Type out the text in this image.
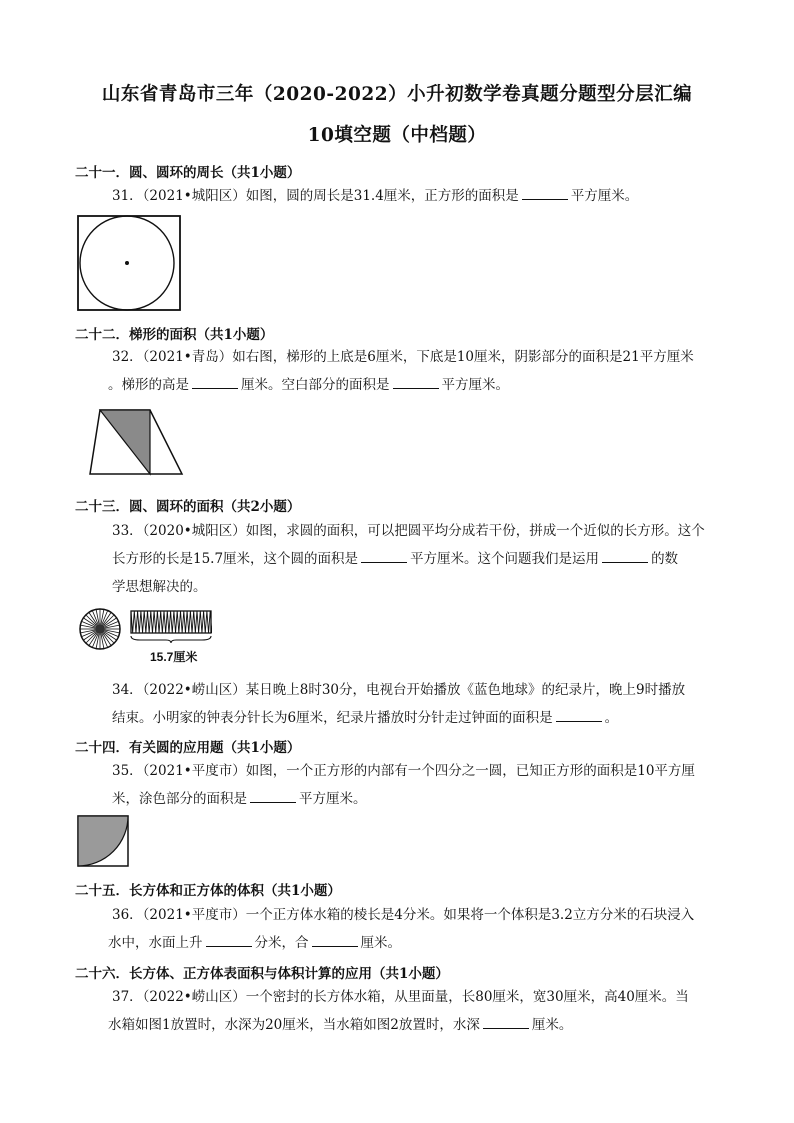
山东省青岛市三年（2020-2022）小升初数学卷真题分题型分层汇编
10填空题（中档题）
二十一．圆、圆环的周长（共1小题）
31．（2021•城阳区）如图，圆的周长是31.4厘米，正方形的面积是	平方厘米。
二十二．梯形的面积（共1小题）
32．（2021•青岛）如右图，梯形的上底是6厘米，下底是10厘米，阴影部分的面积是21平方厘米
。梯形的高是	厘米。空白部分的面积是	平方厘米。
二十三．圆、圆环的面积（共2小题）
33．（2020•城阳区）如图，求圆的面积，可以把圆平均分成若干份，拼成一个近似的长方形。这个
长方形的长是15.7厘米，这个圆的面积是	平方厘米。这个问题我们是运用	的数
学思想解决的。
15.7厘米
34．（2022•崂山区）某日晚上8时30分，电视台开始播放《蓝色地球》的纪录片，晚上9时播放
结束。小明家的钟表分针长为6厘米，纪录片播放时分针走过钟面的面积是	。
二十四．有关圆的应用题（共1小题）
35．（2021•平度市）如图，一个正方形的内部有一个四分之一圆，已知正方形的面积是10平方厘
米，涂色部分的面积是	平方厘米。
二十五．长方体和正方体的体积（共1小题）
36．（2021•平度市）一个正方体水箱的棱长是4分米。如果将一个体积是3.2立方分米的石块浸入
水中，水面上升	分米，合	厘米。
二十六．长方体、正方体表面积与体积计算的应用（共1小题）
37．（2022•崂山区）一个密封的长方体水箱，从里面量，长80厘米，宽30厘米，高40厘米。当
水箱如图1放置时，水深为20厘米，当水箱如图2放置时，水深	厘米。
